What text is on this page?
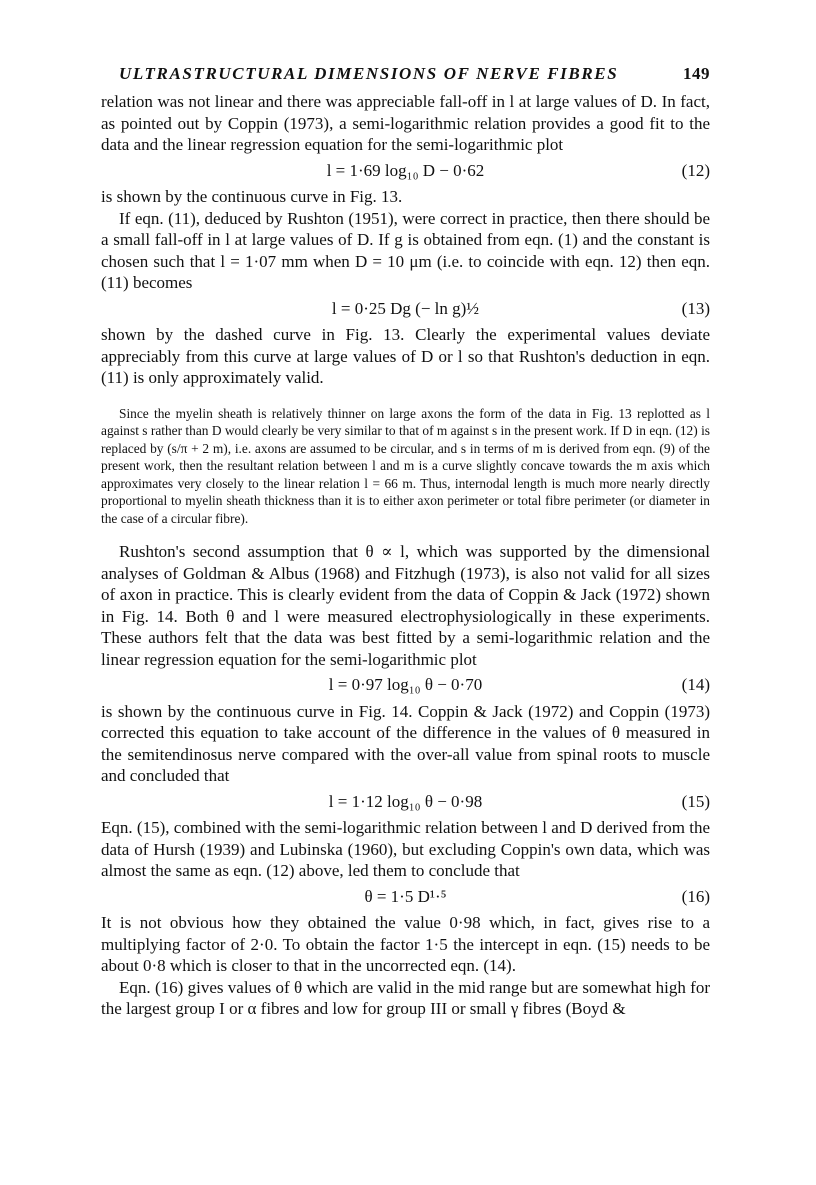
ULTRASTRUCTURAL DIMENSIONS OF NERVE FIBRES	149

relation was not linear and there was appreciable fall-off in l at large values of D. In fact, as pointed out by Coppin (1973), a semi-logarithmic relation provides a good fit to the data and the linear regression equation for the semi-logarithmic plot

l = 1·69 log₁₀ D − 0·62	(12)

is shown by the continuous curve in Fig. 13.

If eqn. (11), deduced by Rushton (1951), were correct in practice, then there should be a small fall-off in l at large values of D. If g is obtained from eqn. (1) and the constant is chosen such that l = 1·07 mm when D = 10 μm (i.e. to coincide with eqn. 12) then eqn. (11) becomes

l = 0·25 Dg (− ln g)½	(13)

shown by the dashed curve in Fig. 13. Clearly the experimental values deviate appreciably from this curve at large values of D or l so that Rushton's deduction in eqn. (11) is only approximately valid.

Since the myelin sheath is relatively thinner on large axons the form of the data in Fig. 13 replotted as l against s rather than D would clearly be very similar to that of m against s in the present work. If D in eqn. (12) is replaced by (s/π + 2 m), i.e. axons are assumed to be circular, and s in terms of m is derived from eqn. (9) of the present work, then the resultant relation between l and m is a curve slightly concave towards the m axis which approximates very closely to the linear relation l = 66 m. Thus, internodal length is much more nearly directly proportional to myelin sheath thickness than it is to either axon perimeter or total fibre perimeter (or diameter in the case of a circular fibre).

Rushton's second assumption that θ ∝ l, which was supported by the dimensional analyses of Goldman & Albus (1968) and Fitzhugh (1973), is also not valid for all sizes of axon in practice. This is clearly evident from the data of Coppin & Jack (1972) shown in Fig. 14. Both θ and l were measured electrophysiologically in these experiments. These authors felt that the data was best fitted by a semi-logarithmic relation and the linear regression equation for the semi-logarithmic plot

l = 0·97 log₁₀ θ − 0·70	(14)

is shown by the continuous curve in Fig. 14. Coppin & Jack (1972) and Coppin (1973) corrected this equation to take account of the difference in the values of θ measured in the semitendinosus nerve compared with the over-all value from spinal roots to muscle and concluded that

l = 1·12 log₁₀ θ − 0·98	(15)

Eqn. (15), combined with the semi-logarithmic relation between l and D derived from the data of Hursh (1939) and Lubinska (1960), but excluding Coppin's own data, which was almost the same as eqn. (12) above, led them to conclude that

θ = 1·5 D¹·⁵	(16)

It is not obvious how they obtained the value 0·98 which, in fact, gives rise to a multiplying factor of 2·0. To obtain the factor 1·5 the intercept in eqn. (15) needs to be about 0·8 which is closer to that in the uncorrected eqn. (14).

Eqn. (16) gives values of θ which are valid in the mid range but are somewhat high for the largest group I or α fibres and low for group III or small γ fibres (Boyd &
